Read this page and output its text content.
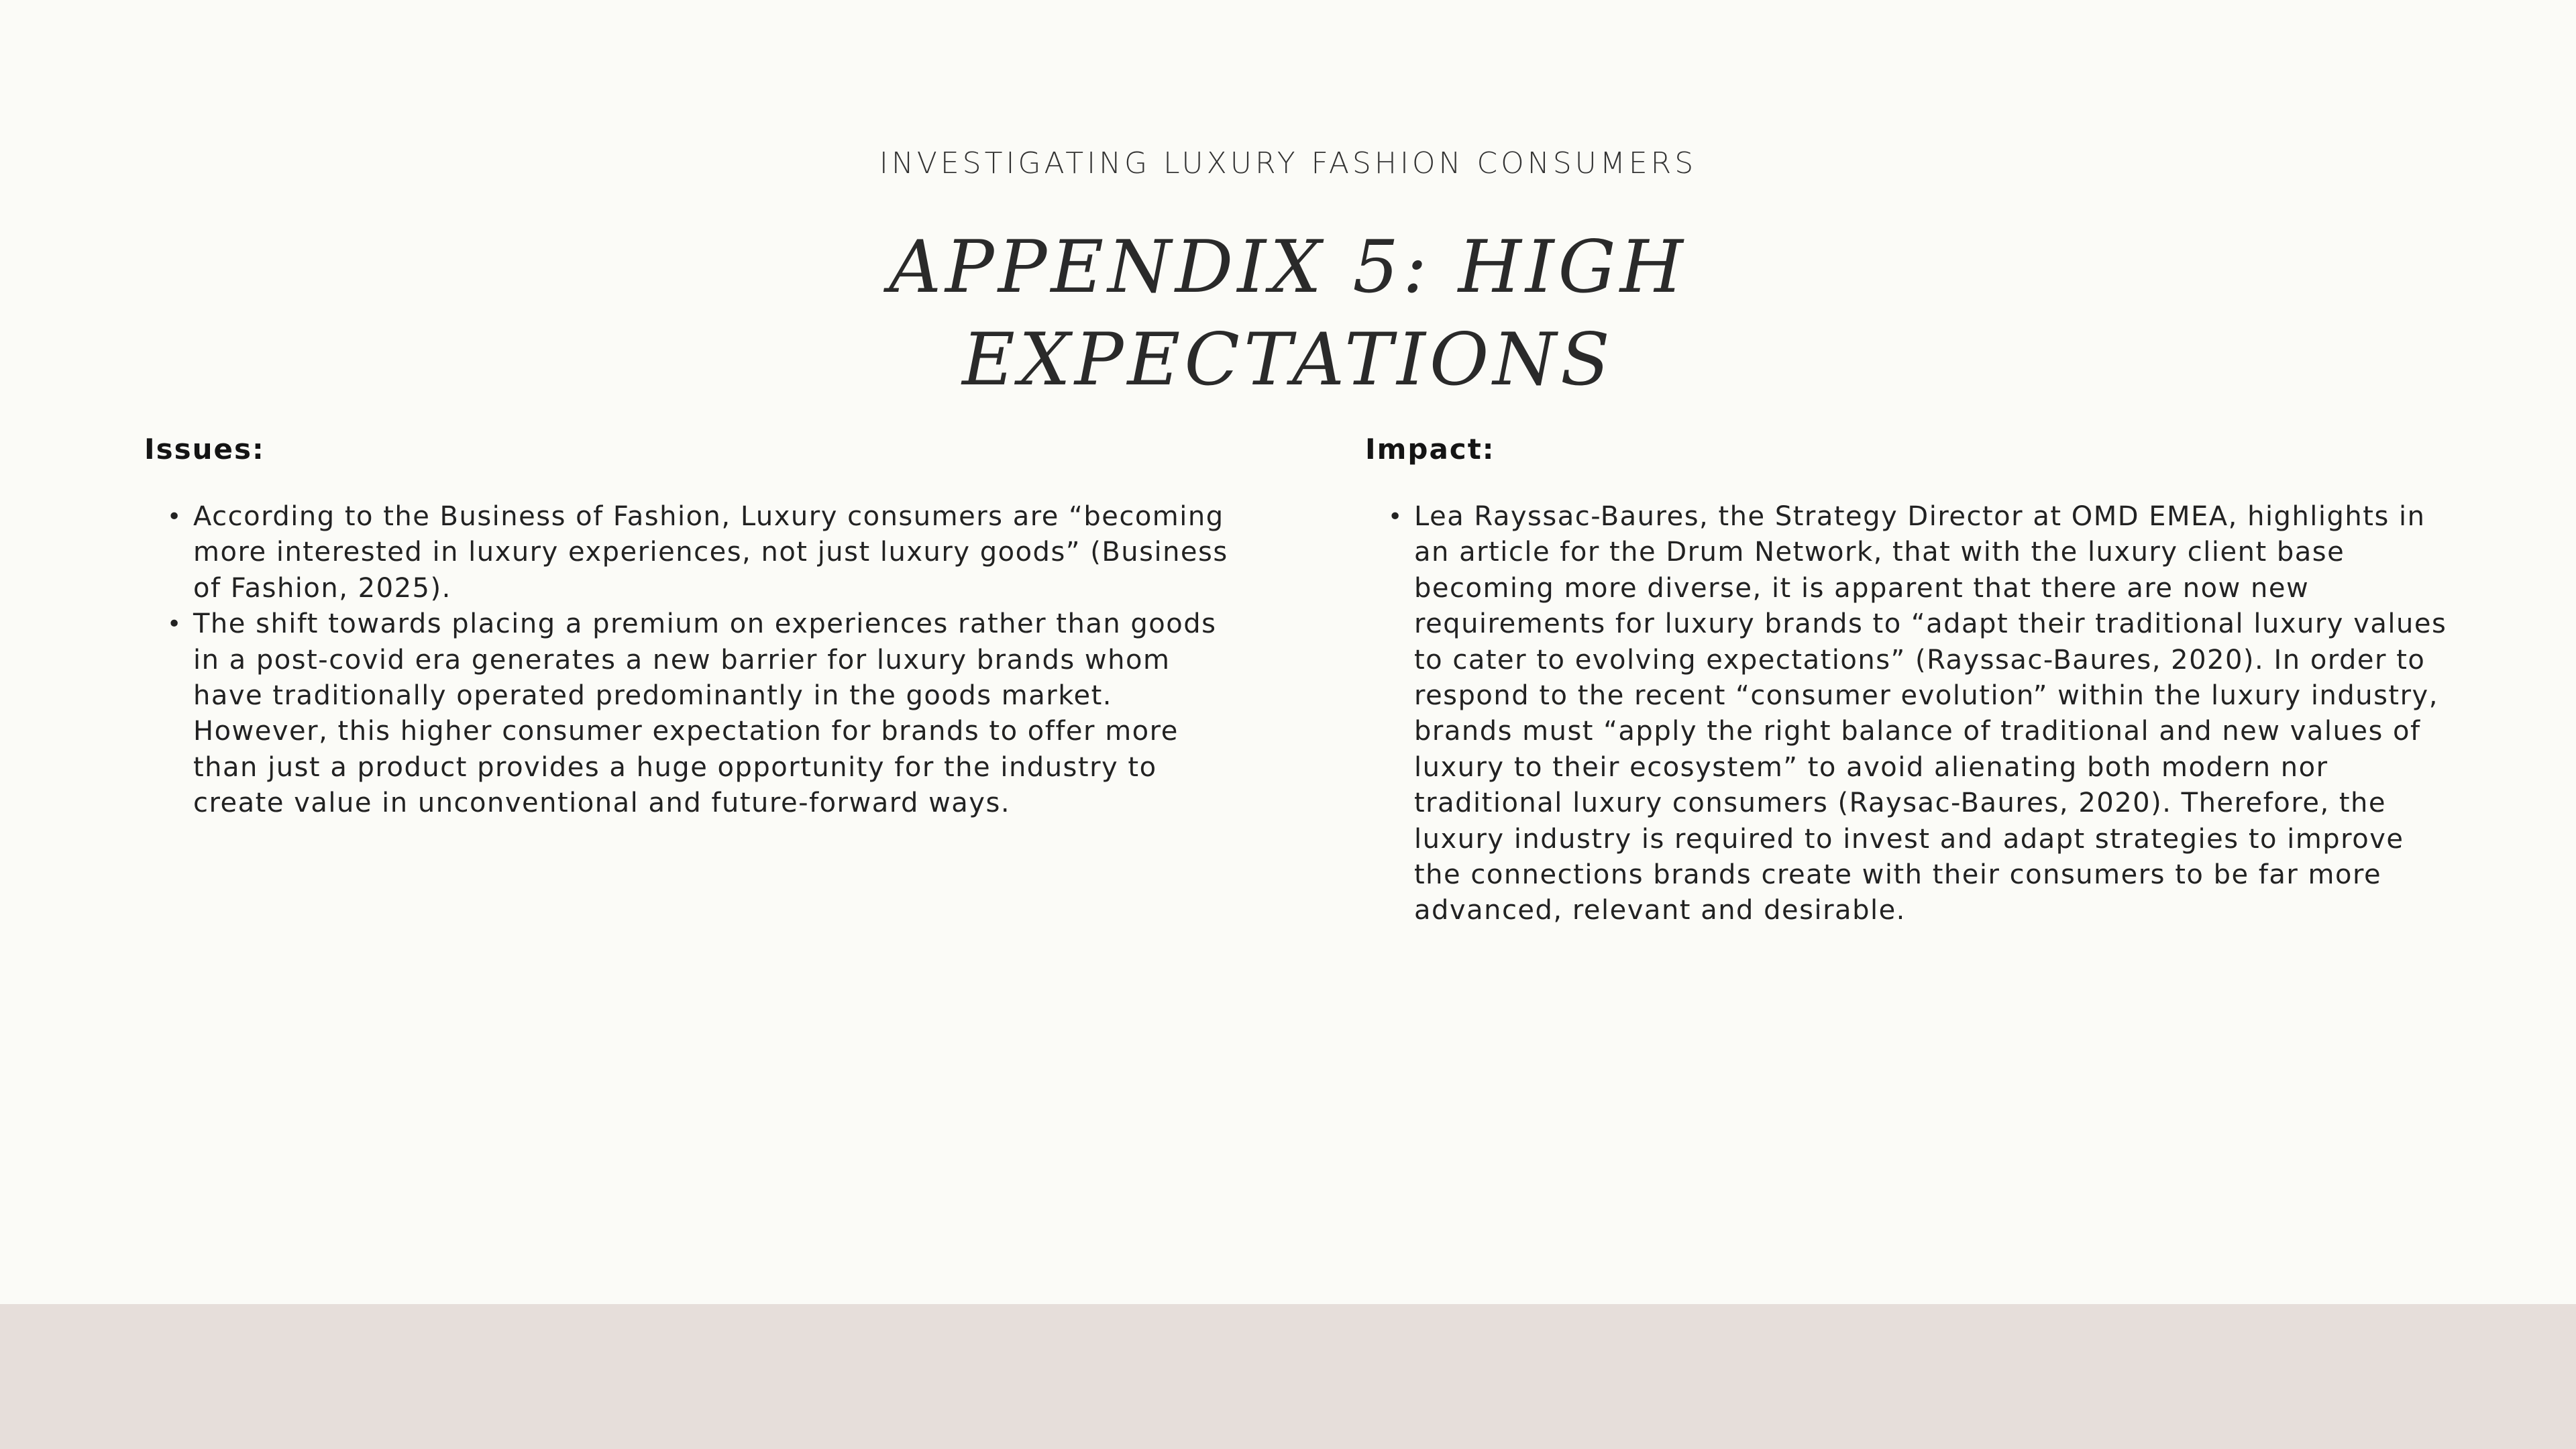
INVESTIGATING LUXURY FASHION CONSUMERS

APPENDIX 5: HIGH
EXPECTATIONS
Issues:
• According to the Business of Fashion, Luxury consumers are “becoming more interested in luxury experiences, not just luxury goods” (Business of Fashion, 2025).
• The shift towards placing a premium on experiences rather than goods in a post-covid era generates a new barrier for luxury brands whom have traditionally operated predominantly in the goods market. However, this higher consumer expectation for brands to offer more than just a product provides a huge opportunity for the industry to create value in unconventional and future-forward ways.
Impact:
• Lea Rayssac-Baures, the Strategy Director at OMD EMEA, highlights in an article for the Drum Network, that with the luxury client base becoming more diverse, it is apparent that there are now new requirements for luxury brands to “adapt their traditional luxury values to cater to evolving expectations” (Rayssac-Baures, 2020). In order to respond to the recent “consumer evolution” within the luxury industry, brands must “apply the right balance of traditional and new values of luxury to their ecosystem” to avoid alienating both modern nor traditional luxury consumers (Raysac-Baures, 2020). Therefore, the luxury industry is required to invest and adapt strategies to improve the connections brands create with their consumers to be far more advanced, relevant and desirable.
